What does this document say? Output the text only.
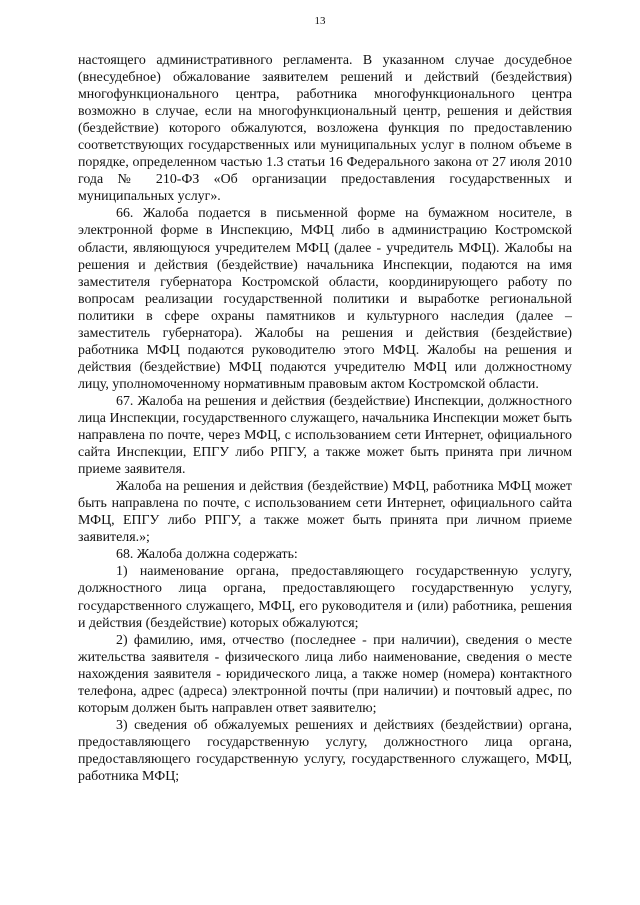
13

настоящего административного регламента. В указанном случае досудебное (внесудебное) обжалование заявителем решений и действий (бездействия) многофункционального центра, работника многофункционального центра возможно в случае, если на многофункциональный центр, решения и действия (бездействие) которого обжалуются, возложена функция по предоставлению соответствующих государственных или муниципальных услуг в полном объеме в порядке, определенном частью 1.3 статьи 16 Федерального закона от 27 июля 2010 года № 210-ФЗ «Об организации предоставления государственных и муниципальных услуг».

66. Жалоба подается в письменной форме на бумажном носителе, в электронной форме в Инспекцию, МФЦ либо в администрацию Костромской области, являющуюся учредителем МФЦ (далее - учредитель МФЦ). Жалобы на решения и действия (бездействие) начальника Инспекции, подаются на имя заместителя губернатора Костромской области, координирующего работу по вопросам реализации государственной политики и выработке региональной политики в сфере охраны памятников и культурного наследия (далее – заместитель губернатора). Жалобы на решения и действия (бездействие) работника МФЦ подаются руководителю этого МФЦ. Жалобы на решения и действия (бездействие) МФЦ подаются учредителю МФЦ или должностному лицу, уполномоченному нормативным правовым актом Костромской области.

67. Жалоба на решения и действия (бездействие) Инспекции, должностного лица Инспекции, государственного служащего, начальника Инспекции может быть направлена по почте, через МФЦ, с использованием сети Интернет, официального сайта Инспекции, ЕПГУ либо РПГУ, а также может быть принята при личном приеме заявителя.

Жалоба на решения и действия (бездействие) МФЦ, работника МФЦ может быть направлена по почте, с использованием сети Интернет, официального сайта МФЦ, ЕПГУ либо РПГУ, а также может быть принята при личном приеме заявителя.»;

68. Жалоба должна содержать:

1) наименование органа, предоставляющего государственную услугу, должностного лица органа, предоставляющего государственную услугу, государственного служащего, МФЦ, его руководителя и (или) работника, решения и действия (бездействие) которых обжалуются;

2) фамилию, имя, отчество (последнее - при наличии), сведения о месте жительства заявителя - физического лица либо наименование, сведения о месте нахождения заявителя - юридического лица, а также номер (номера) контактного телефона, адрес (адреса) электронной почты (при наличии) и почтовый адрес, по которым должен быть направлен ответ заявителю;

3) сведения об обжалуемых решениях и действиях (бездействии) органа, предоставляющего государственную услугу, должностного лица органа, предоставляющего государственную услугу, государственного служащего, МФЦ, работника МФЦ;
